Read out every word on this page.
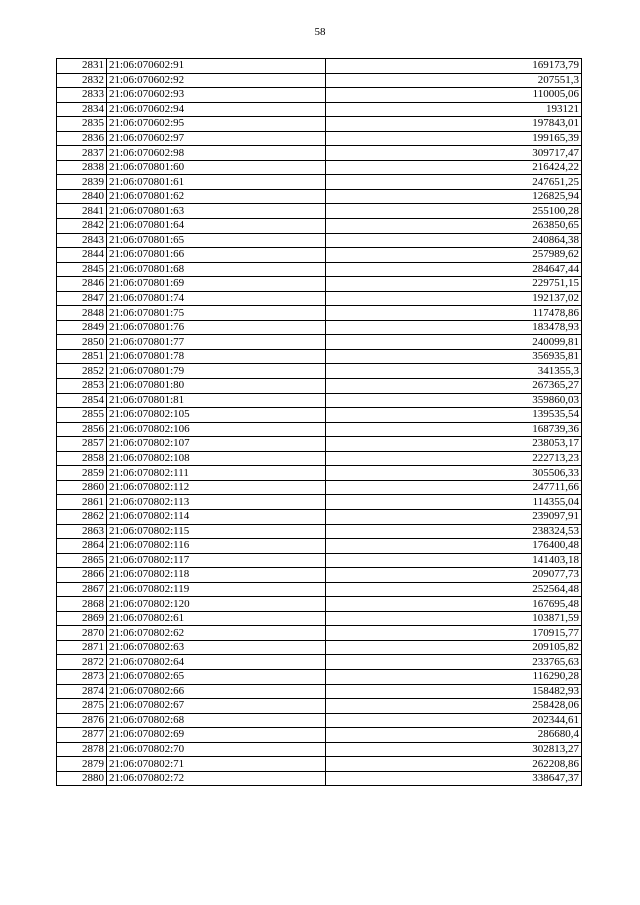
58
2831	21:06:070602:91	169173,79
2832	21:06:070602:92	207551,3
2833	21:06:070602:93	110005,06
2834	21:06:070602:94	193121
2835	21:06:070602:95	197843,01
2836	21:06:070602:97	199165,39
2837	21:06:070602:98	309717,47
2838	21:06:070801:60	216424,22
2839	21:06:070801:61	247651,25
2840	21:06:070801:62	126825,94
2841	21:06:070801:63	255100,28
2842	21:06:070801:64	263850,65
2843	21:06:070801:65	240864,38
2844	21:06:070801:66	257989,62
2845	21:06:070801:68	284647,44
2846	21:06:070801:69	229751,15
2847	21:06:070801:74	192137,02
2848	21:06:070801:75	117478,86
2849	21:06:070801:76	183478,93
2850	21:06:070801:77	240099,81
2851	21:06:070801:78	356935,81
2852	21:06:070801:79	341355,3
2853	21:06:070801:80	267365,27
2854	21:06:070801:81	359860,03
2855	21:06:070802:105	139535,54
2856	21:06:070802:106	168739,36
2857	21:06:070802:107	238053,17
2858	21:06:070802:108	222713,23
2859	21:06:070802:111	305506,33
2860	21:06:070802:112	247711,66
2861	21:06:070802:113	114355,04
2862	21:06:070802:114	239097,91
2863	21:06:070802:115	238324,53
2864	21:06:070802:116	176400,48
2865	21:06:070802:117	141403,18
2866	21:06:070802:118	209077,73
2867	21:06:070802:119	252564,48
2868	21:06:070802:120	167695,48
2869	21:06:070802:61	103871,59
2870	21:06:070802:62	170915,77
2871	21:06:070802:63	209105,82
2872	21:06:070802:64	233765,63
2873	21:06:070802:65	116290,28
2874	21:06:070802:66	158482,93
2875	21:06:070802:67	258428,06
2876	21:06:070802:68	202344,61
2877	21:06:070802:69	286680,4
2878	21:06:070802:70	302813,27
2879	21:06:070802:71	262208,86
2880	21:06:070802:72	338647,37
